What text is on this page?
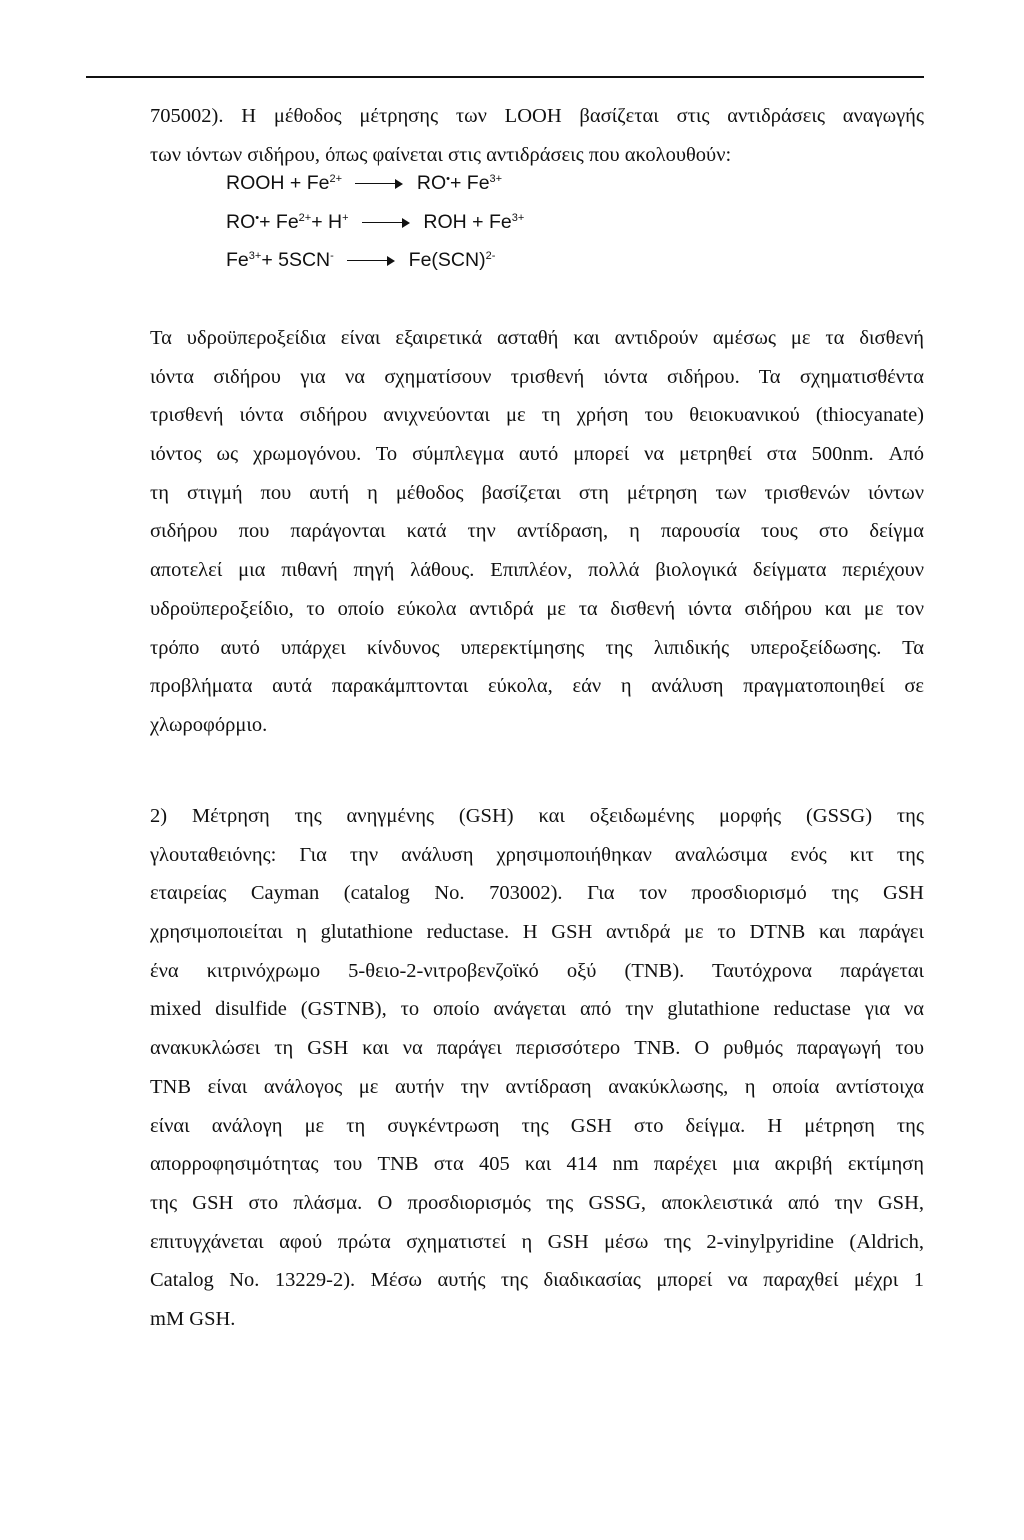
705002). Η μέθοδος μέτρησης των LOOH βασίζεται στις αντιδράσεις αναγωγής
των ιόντων σιδήρου, όπως φαίνεται στις αντιδράσεις που ακολουθούν:
ROOH + $Fe^{2+}$	$RO^•+ Fe^{3+}$
$RO^•+ Fe^{2+}+ H^+$	ROH + $Fe^{3+}$
$Fe^{3+}+ 5SCN^-$	Fe(SCN)$^{2-}$
Τα υδροϋπεροξείδια είναι εξαιρετικά ασταθή και αντιδρούν αμέσως με τα δισθενή
ιόντα σιδήρου για να σχηματίσουν τρισθενή ιόντα σιδήρου. Τα σχηματισθέντα
τρισθενή ιόντα σιδήρου ανιχνεύονται με τη χρήση του θειοκυανικού (thiocyanate)
ιόντος ως χρωμογόνου. Το σύμπλεγμα αυτό μπορεί να μετρηθεί στα 500nm. Από
τη στιγμή που αυτή η μέθοδος βασίζεται στη μέτρηση των τρισθενών ιόντων
σιδήρου που παράγονται κατά την αντίδραση, η παρουσία τους στο δείγμα
αποτελεί μια πιθανή πηγή λάθους. Επιπλέον, πολλά βιολογικά δείγματα περιέχουν
υδροϋπεροξείδιο, το οποίο εύκολα αντιδρά με τα δισθενή ιόντα σιδήρου και με τον
τρόπο αυτό υπάρχει κίνδυνος υπερεκτίμησης της λιπιδικής υπεροξείδωσης. Τα
προβλήματα αυτά παρακάμπτονται εύκολα, εάν η ανάλυση πραγματοποιηθεί σε
χλωροφόρμιο.
2) Μέτρηση της ανηγμένης (GSH) και οξειδωμένης μορφής (GSSG) της
γλουταθειόνης: Για την ανάλυση χρησιμοποιήθηκαν αναλώσιμα ενός κιτ της
εταιρείας Cayman (catalog No. 703002). Για τον προσδιορισμό της GSH
χρησιμοποιείται η glutathione reductase. Η GSH αντιδρά με το DTNB και παράγει
ένα κιτρινόχρωμο 5-θειο-2-νιτροβενζοϊκό οξύ (TNB). Ταυτόχρονα παράγεται
mixed disulfide (GSTNB), το οποίο ανάγεται από την glutathione reductase για να
ανακυκλώσει τη GSH και να παράγει περισσότερο TNB. Ο ρυθμός παραγωγή του
TNB είναι ανάλογος με αυτήν την αντίδραση ανακύκλωσης, η οποία αντίστοιχα
είναι ανάλογη με τη συγκέντρωση της GSH στο δείγμα. Η μέτρηση της
απορροφησιμότητας του TNB στα 405 και 414 nm παρέχει μια ακριβή εκτίμηση
της GSH στο πλάσμα. Ο προσδιορισμός της GSSG, αποκλειστικά από την GSH,
επιτυγχάνεται αφού πρώτα σχηματιστεί η GSH μέσω της 2-vinylpyridine (Aldrich,
Catalog No. 13229-2). Μέσω αυτής της διαδικασίας μπορεί να παραχθεί μέχρι 1
mM GSH.
